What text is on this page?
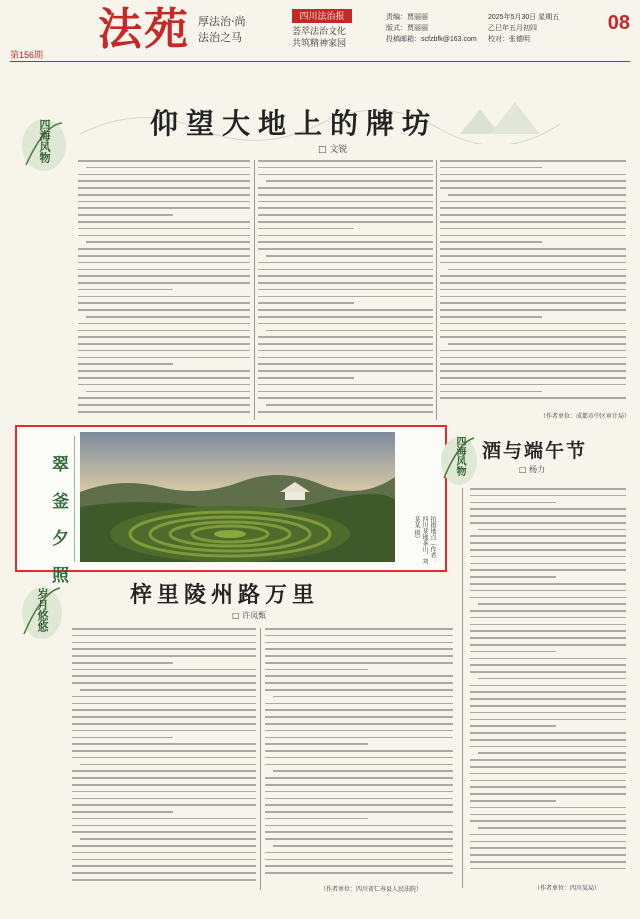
第156期 法苑 厚法治·尚
法治之马
四川法治报
荟萃法治文化
共筑精神家园
责编：贾丽丽
版式：贾丽丽
投稿邮箱：scfzbfk@163.com
2025年5月30日 星期五
乙巳年五月初四
校对：张德明
08
四海风物	仰望大地上的牌坊
□ 文锐
（作者单位：成都市中区审计局）
翠 釜 夕 照
拍摄地点（作者：四川某地茶山，刘某某 摄）
四海风物 酒与端午节
□ 杨力
（作者单位：四川某局）
岁月悠悠	梓里陵州路万里
□ 许凤甄
（作者单位：四川省仁寿县人民法院）
